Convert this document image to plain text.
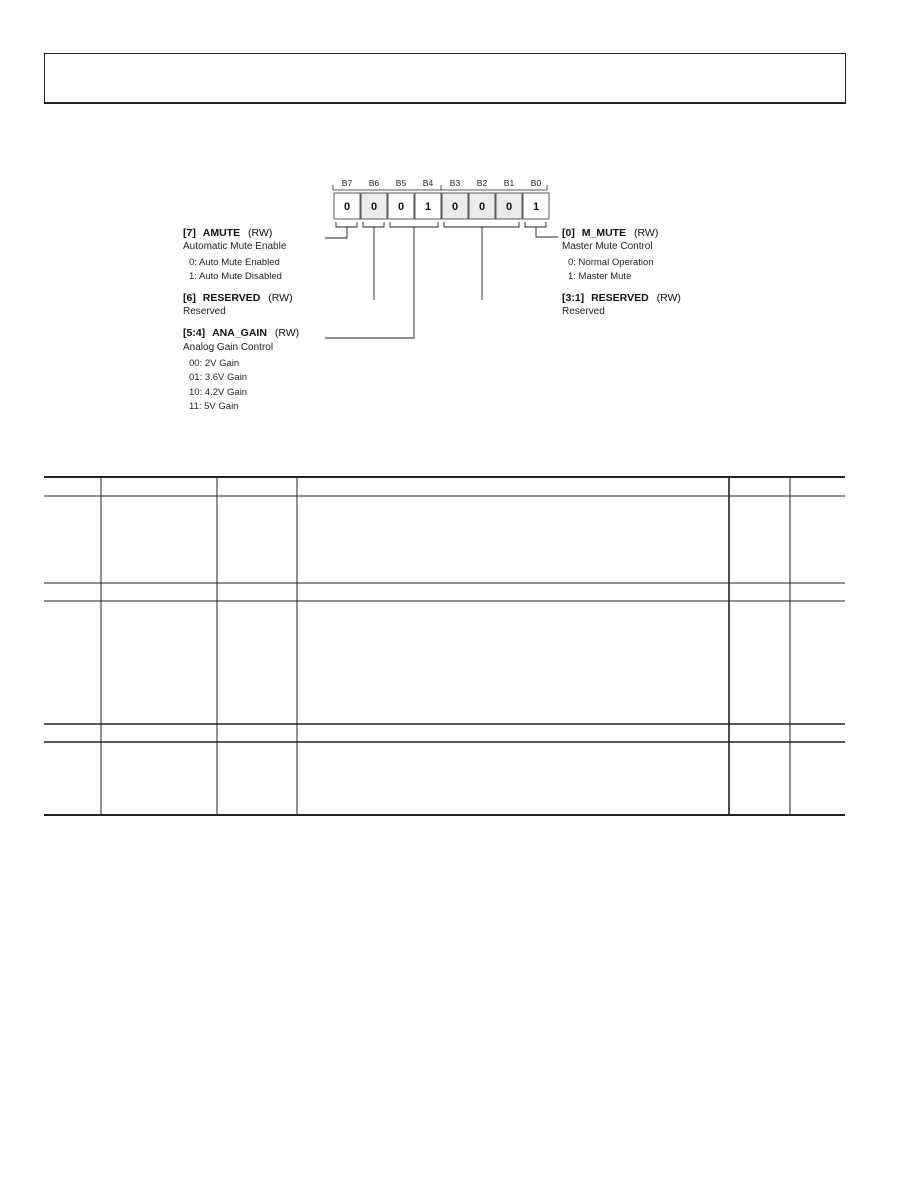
B7 B6 B5 B4 B3 B2 B1 B0
0 0 0 1 0 0 0 1
[7] AMUTE (RW)
Automatic Mute Enable
0: Auto Mute Enabled
1: Auto Mute Disabled
[6] RESERVED (RW)
Reserved
[5:4] ANA_GAIN (RW)
Analog Gain Control
00: 2V Gain
01: 3.6V Gain
10: 4.2V Gain
11: 5V Gain
[0] M_MUTE (RW)
Master Mute Control
0: Normal Operation
1: Master Mute
[3:1] RESERVED (RW)
Reserved
